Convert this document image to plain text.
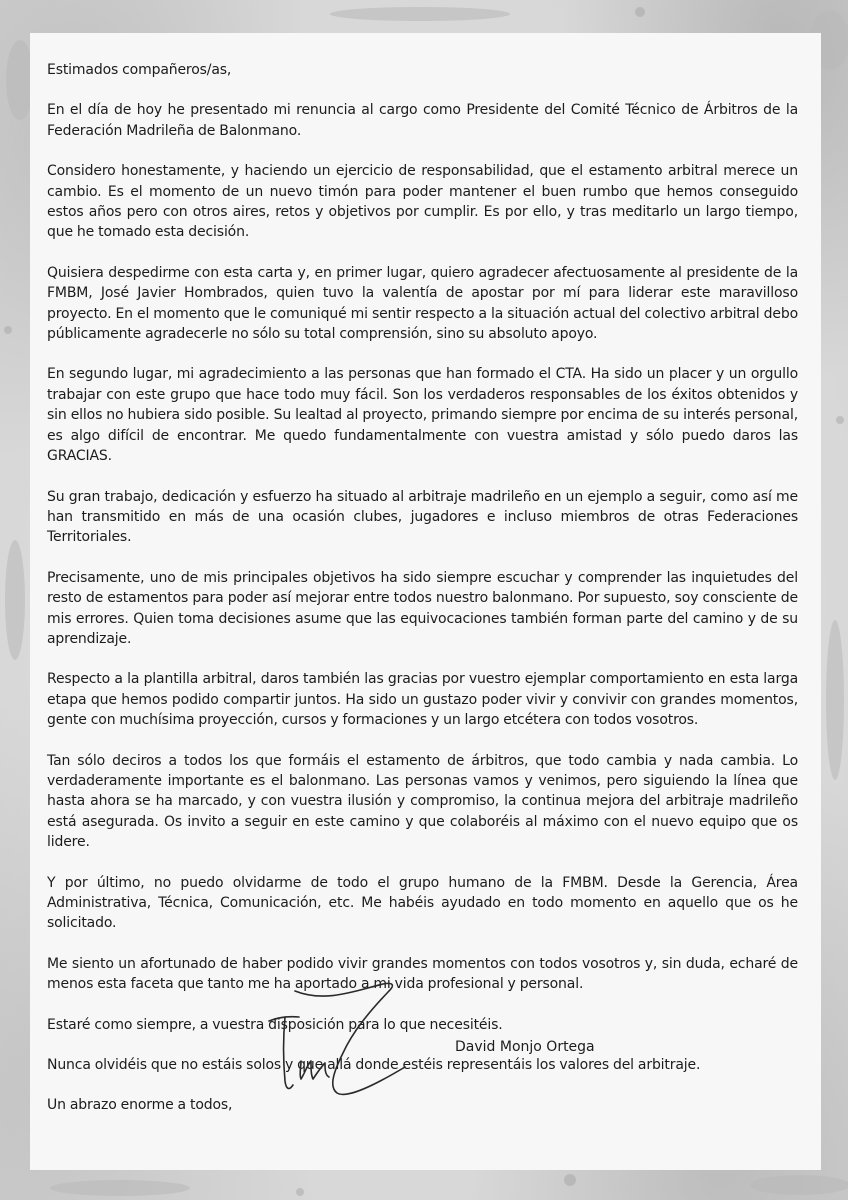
Estimados compañeros/as,

En el día de hoy he presentado mi renuncia al cargo como Presidente del Comité Técnico de Árbitros de la Federación Madrileña de Balonmano.

Considero honestamente, y haciendo un ejercicio de responsabilidad, que el estamento arbitral merece un cambio. Es el momento de un nuevo timón para poder mantener el buen rumbo que hemos conseguido estos años pero con otros aires, retos y objetivos por cumplir. Es por ello, y tras meditarlo un largo tiempo, que he tomado esta decisión.

Quisiera despedirme con esta carta y, en primer lugar, quiero agradecer afectuosamente al presidente de la FMBM, José Javier Hombrados, quien tuvo la valentía de apostar por mí para liderar este maravilloso proyecto. En el momento que le comuniqué mi sentir respecto a la situación actual del colectivo arbitral debo públicamente agradecerle no sólo su total comprensión, sino su absoluto apoyo.

En segundo lugar, mi agradecimiento a las personas que han formado el CTA. Ha sido un placer y un orgullo trabajar con este grupo que hace todo muy fácil. Son los verdaderos responsables de los éxitos obtenidos y sin ellos no hubiera sido posible. Su lealtad al proyecto, primando siempre por encima de su interés personal, es algo difícil de encontrar. Me quedo fundamentalmente con vuestra amistad y sólo puedo daros las GRACIAS.

Su gran trabajo, dedicación y esfuerzo ha situado al arbitraje madrileño en un ejemplo a seguir, como así me han transmitido en más de una ocasión clubes, jugadores e incluso miembros de otras Federaciones Territoriales.

Precisamente, uno de mis principales objetivos ha sido siempre escuchar y comprender las inquietudes del resto de estamentos para poder así mejorar entre todos nuestro balonmano. Por supuesto, soy consciente de mis errores. Quien toma decisiones asume que las equivocaciones también forman parte del camino y de su aprendizaje.

Respecto a la plantilla arbitral, daros también las gracias por vuestro ejemplar comportamiento en esta larga etapa que hemos podido compartir juntos. Ha sido un gustazo poder vivir y convivir con grandes momentos, gente con muchísima proyección, cursos y formaciones y un largo etcétera con todos vosotros.

Tan sólo deciros a todos los que formáis el estamento de árbitros, que todo cambia y nada cambia. Lo verdaderamente importante es el balonmano. Las personas vamos y venimos, pero siguiendo la línea que hasta ahora se ha marcado, y con vuestra ilusión y compromiso, la continua mejora del arbitraje madrileño está asegurada. Os invito a seguir en este camino y que colaboréis al máximo con el nuevo equipo que os lidere.

Y por último, no puedo olvidarme de todo el grupo humano de la FMBM. Desde la Gerencia, Área Administrativa, Técnica, Comunicación, etc. Me habéis ayudado en todo momento en aquello que os he solicitado.

Me siento un afortunado de haber podido vivir grandes momentos con todos vosotros y, sin duda, echaré de menos esta faceta que tanto me ha aportado a mi vida profesional y personal.

Estaré como siempre, a vuestra disposición para lo que necesitéis.

Nunca olvidéis que no estáis solos y que allá donde estéis representáis los valores del arbitraje.

Un abrazo enorme a todos,

David Monjo Ortega
